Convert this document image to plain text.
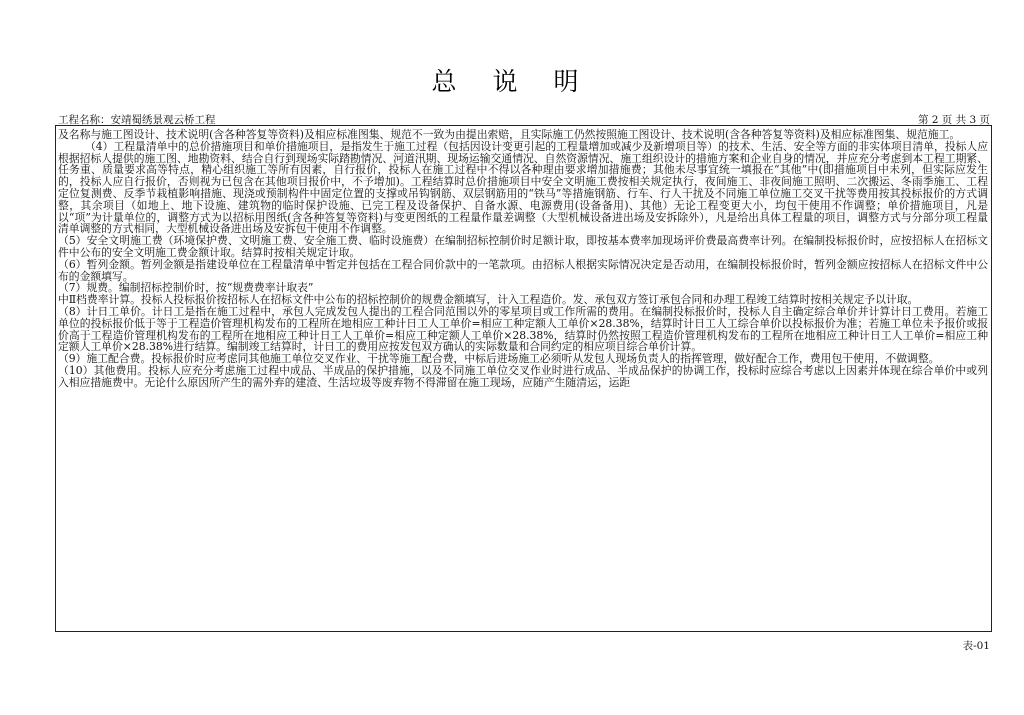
总 说 明
工程名称：安靖蜀绣景观云桥工程	第 2 页 共 3 页

及名称与施工图设计、技术说明(含各种答复等资料)及相应标准图集、规范不一致为由提出索赔，且实际施工仍然按照施工图设计、技术说明(含各种答复等资料)及相应标准图集、规范施工。

（4）工程量清单中的总价措施项目和单价措施项目，是指发生于施工过程（包括因设计变更引起的工程量增加或减少及新增项目等）的技术、生活、安全等方面的非实体项目清单，投标人应根据招标人提供的施工图、地勘资料、结合自行到现场实际踏勘情况、河道汛期、现场运输交通情况、自然资源情况、施工组织设计的措施方案和企业自身的情况，并应充分考虑到本工程工期紧、任务重、质量要求高等特点，精心组织施工等所有因素，自行报价，投标人在施工过程中不得以各种理由要求增加措施费；其他未尽事宜统一填报在“其他”中(即措施项目中未列，但实际应发生的，投标人应自行报价，否则视为已包含在其他项目报价中，不予增加)。工程结算时总价措施项目中安全文明施工费按相关规定执行，夜间施工、非夜间施工照明、二次搬运、冬雨季施工、工程定位复测费、反季节栽植影响措施、现浇或预制构件中固定位置的支撑或吊钩钢筋、双层钢筋用的“铁马”等措施钢筋、行车、行人干扰及不同施工单位施工交叉干扰等费用按其投标报价的方式调整，其余项目（如地上、地下设施、建筑物的临时保护设施、已完工程及设备保护、自备水源、电源费用(设备备用)、其他）无论工程变更大小，均包干使用不作调整；单价措施项目，凡是以“项”为计量单位的，调整方式为以招标用图纸(含各种答复等资料)与变更图纸的工程量作量差调整（大型机械设备进出场及安拆除外），凡是给出具体工程量的项目，调整方式与分部分项工程量清单调整的方式相同，大型机械设备进出场及安拆包干使用不作调整。

（5）安全文明施工费（环境保护费、文明施工费、安全施工费、临时设施费）在编制招标控制价时足额计取，即按基本费率加现场评价费最高费率计列。在编制投标报价时，应按招标人在招标文件中公布的安全文明施工费金额计取。结算时按相关规定计取。

（6）暂列金额。暂列金额是指建设单位在工程量清单中暂定并包括在工程合同价款中的一笔款项。由招标人根据实际情况决定是否动用，在编制投标报价时，暂列金额应按招标人在招标文件中公布的金额填写。

（7）规费。编制招标控制价时，按“规费费率计取表”

中Ⅱ档费率计算。投标人投标报价按招标人在招标文件中公布的招标控制价的规费金额填写，计入工程造价。发、承包双方签订承包合同和办理工程竣工结算时按相关规定予以计取。

（8）计日工单价。计日工是指在施工过程中，承包人完成发包人提出的工程合同范围以外的零星项目或工作所需的费用。在编制投标报价时，投标人自主确定综合单价并计算计日工费用。若施工单位的投标报价低于等于工程造价管理机构发布的工程所在地相应工种计日工人工单价=相应工种定额人工单价×28.38%，结算时计日工人工综合单价以投标报价为准；若施工单位未予报价或报价高于工程造价管理机构发布的工程所在地相应工种计日工人工单价=相应工种定额人工单价×28.38%，结算时仍然按照工程造价管理机构发布的工程所在地相应工种计日工人工单价=相应工种定额人工单价×28.38%进行结算。编制竣工结算时，计日工的费用应按发包双方确认的实际数量和合同约定的相应项目综合单价计算。

（9）施工配合费。投标报价时应考虑同其他施工单位交叉作业、干扰等施工配合费，中标后进场施工必须听从发包人现场负责人的指挥管理，做好配合工作，费用包干使用，不做调整。

（10）其他费用。投标人应充分考虑施工过程中成品、半成品的保护措施，以及不同施工单位交叉作业时进行成品、半成品保护的协调工作，投标时应综合考虑以上因素并体现在综合单价中或列入相应措施费中。无论什么原因所产生的需外弃的建渣、生活垃圾等废弃物不得滞留在施工现场，应随产生随清运，运距

表-01
